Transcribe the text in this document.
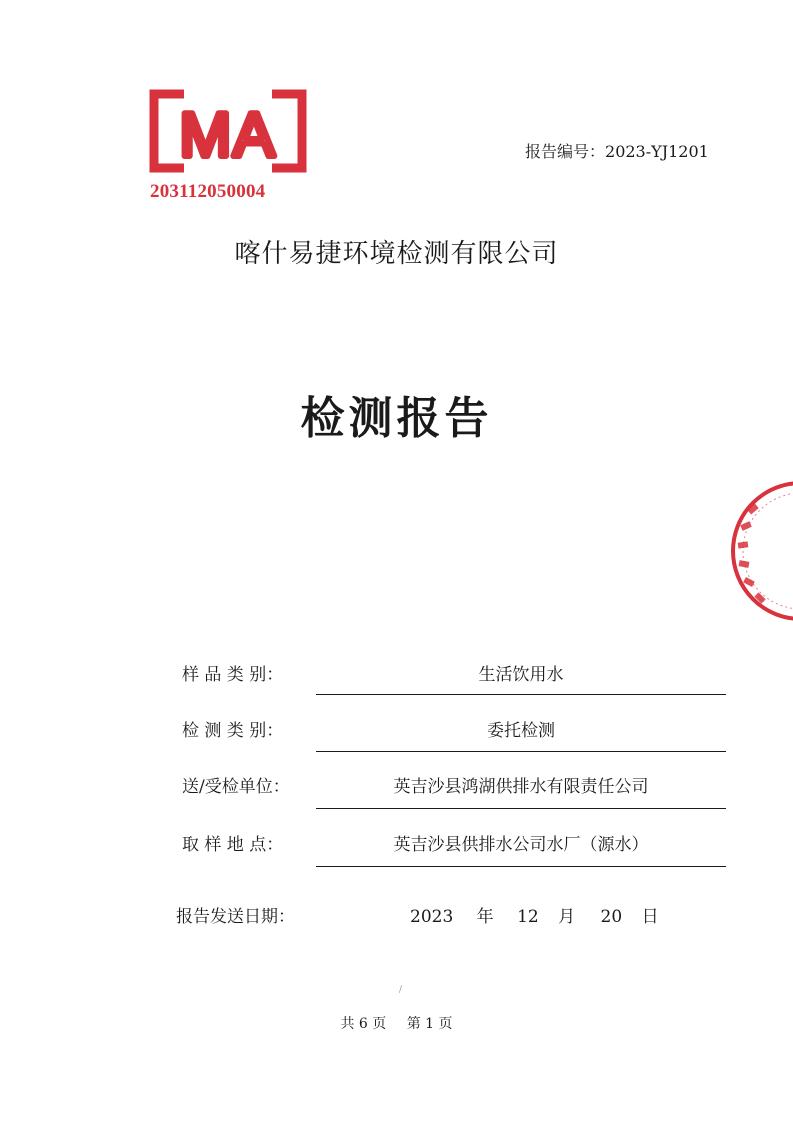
MA
203112050004
报告编号：2023-YJ1201
喀什易捷环境检测有限公司
检测报告
样 品 类 别：	生活饮用水
检 测 类 别：	委托检测
送/受检单位：	英吉沙县鸿湖供排水有限责任公司
取 样 地 点：	英吉沙县供排水公司水厂（源水）
报告发送日期：	2023 年 12 月 20 日
/
共 6 页 第 1 页
